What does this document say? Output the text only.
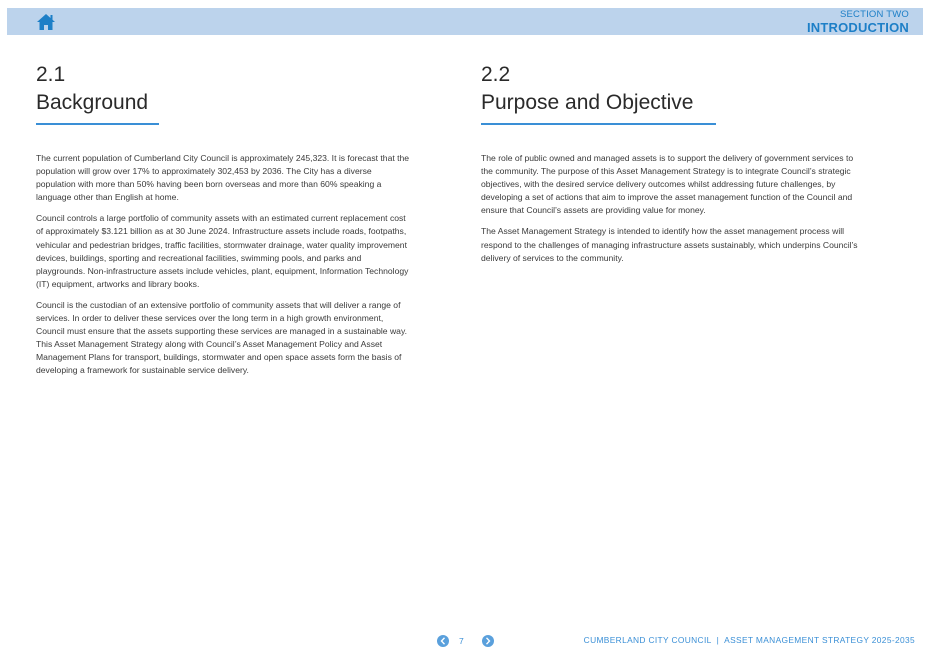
SECTION TWO
INTRODUCTION
2.1
Background

The current population of Cumberland City Council is approximately 245,323. It is forecast that the population will grow over 17% to approximately 302,453 by 2036. The City has a diverse population with more than 50% having been born overseas and more than 60% speaking a language other than English at home.

Council controls a large portfolio of community assets with an estimated current replacement cost of approximately $3.121 billion as at 30 June 2024. Infrastructure assets include roads, footpaths, vehicular and pedestrian bridges, traffic facilities, stormwater drainage, water quality improvement devices, buildings, sporting and recreational facilities, swimming pools, and parks and playgrounds. Non-infrastructure assets include vehicles, plant, equipment, Information Technology (IT) equipment, artworks and library books.

Council is the custodian of an extensive portfolio of community assets that will deliver a range of services. In order to deliver these services over the long term in a high growth environment, Council must ensure that the assets supporting these services are managed in a sustainable way. This Asset Management Strategy along with Council’s Asset Management Policy and Asset Management Plans for transport, buildings, stormwater and open space assets form the basis of developing a framework for sustainable service delivery.

2.2
Purpose and Objective

The role of public owned and managed assets is to support the delivery of government services to the community. The purpose of this Asset Management Strategy is to integrate Council’s strategic objectives, with the desired service delivery outcomes whilst addressing future challenges, by developing a set of actions that aim to improve the asset management function of the Council and ensure that Council’s assets are providing value for money.

The Asset Management Strategy is intended to identify how the asset management process will respond to the challenges of managing infrastructure assets sustainably, which underpins Council’s delivery of services to the community.

7	CUMBERLAND CITY COUNCIL | ASSET MANAGEMENT STRATEGY 2025-2035
